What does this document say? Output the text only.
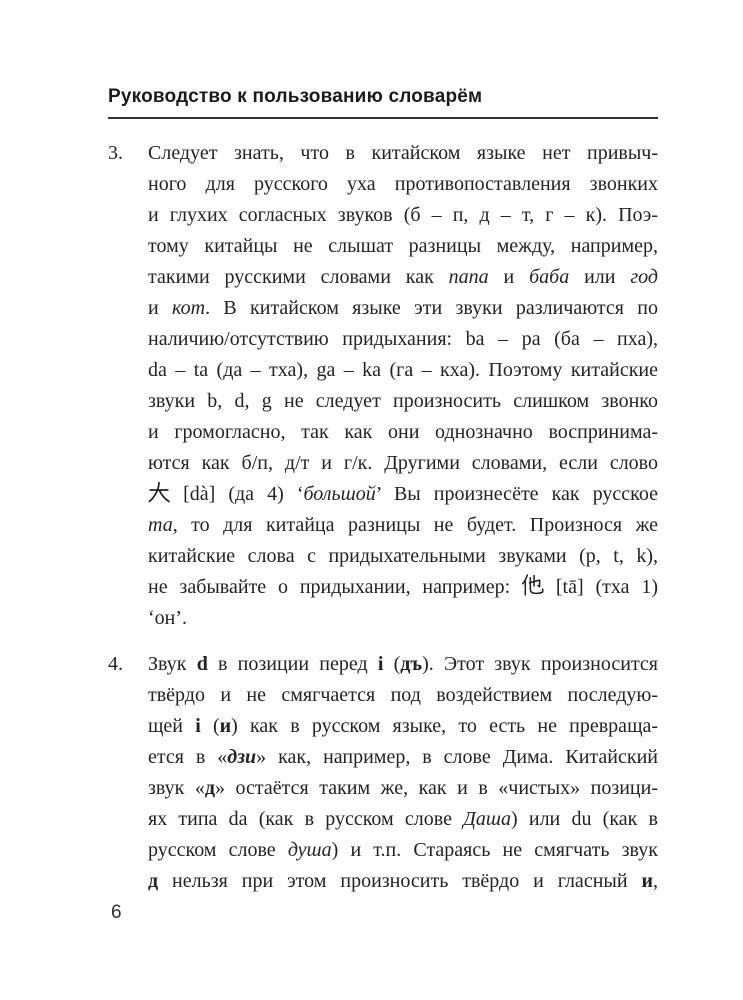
Руководство к пользованию словарём
3.	Следует знать, что в китайском языке нет привыч-
ного для русского уха противопоставления звонких
и глухих согласных звуков (б – п, д – т, г – к). Поэ-
тому китайцы не слышат разницы между, например,
такими русскими словами как папа и баба или год
и кот. В китайском языке эти звуки различаются по
наличию/отсутствию придыхания: ba – pa (ба – пха),
da – ta (да – тха), ga – ka (га – кха). Поэтому китайские
звуки b, d, g не следует произносить слишком звонко
и громогласно, так как они однозначно воспринима-
ются как б/п, д/т и г/к. Другими словами, если слово
[dà] (да 4) ‘большой’ Вы произнесёте как русское
та, то для китайца разницы не будет. Произнося же
китайские слова с придыхательными звуками (p, t, k),
не забывайте о придыхании, например:
[tā] (тха 1)
‘он’.
4.	Звук d в позиции перед i (дъ). Этот звук произносится
твёрдо и не смягчается под воздействием последую-
щей i (и) как в русском языке, то есть не превраща-
ется в «дзи» как, например, в слове Дима. Китайский
звук «д» остаётся таким же, как и в «чистых» позици-
ях типа da (как в русском слове Даша) или du (как в
русском слове душа) и т.п. Стараясь не смягчать звук
д нельзя при этом произносить твёрдо и гласный и,
6
